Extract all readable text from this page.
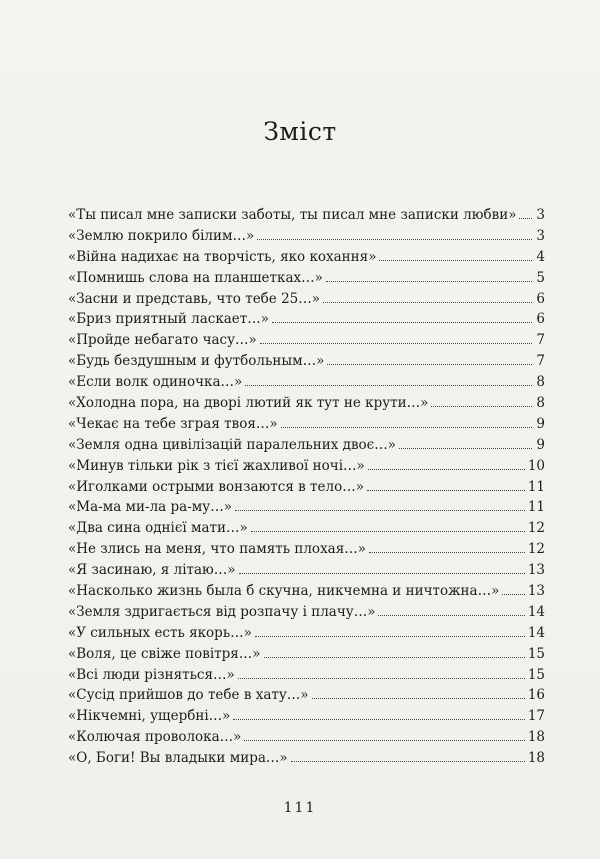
Зміст
«Ты писал мне записки заботы, ты писал мне записки любви» 3
«Землю покрило білим…»	3
«Війна надихає на творчість, яко кохання»	4
«Помнишь слова на планшетках…»	5
«Засни и представь, что тебе 25…»	6
«Бриз приятный ласкает…»	6
«Пройде небагато часу…»	7
«Будь бездушным и футбольным…»	7
«Если волк одиночка…»	8
«Холодна пора, на дворі лютий як тут не крути…»	8
«Чекає на тебе зграя твоя…»	9
«Земля одна цивілізацій паралельних двоє…»	9
«Минув тільки рік з тієї жахливої ночі…»	10
«Иголками острыми вонзаются в тело…»	11
«Ма-ма ми-ла ра-му…»	11
«Два сина однієї мати…»	12
«Не злись на меня, что память плохая…»	12
«Я засинаю, я літаю…»	13
«Насколько жизнь была б скучна, никчемна и ничтожна…» 13
«Земля здригається від розпачу і плачу…»	14
«У сильных есть якорь…»	14
«Воля, це свіже повітря…»	15
«Всі люди різняться…»	15
«Сусід прийшов до тебе в хату…»	16
«Нікчемні, ущербні…»	17
«Колючая проволока…»	18
«О, Боги! Вы владыки мира…»	18
111
